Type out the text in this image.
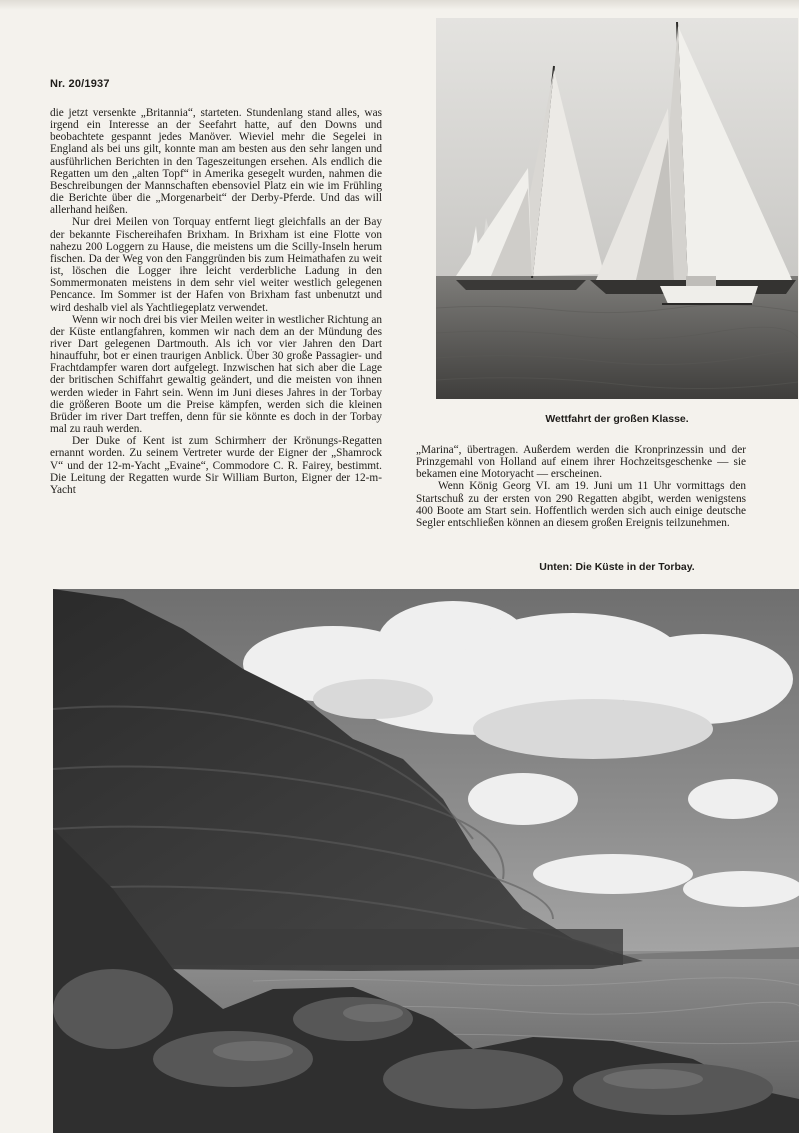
Nr. 20/1937

die jetzt versenkte „Britannia“, starteten. Stundenlang stand alles, was irgend ein Interesse an der Seefahrt hatte, auf den Downs und beobachtete gespannt jedes Manöver. Wieviel mehr die Segelei in England als bei uns gilt, konnte man am besten aus den sehr langen und ausführlichen Berichten in den Tageszeitungen ersehen. Als endlich die Regatten um den „alten Topf“ in Amerika gesegelt wurden, nahmen die Beschreibungen der Mannschaften ebensoviel Platz ein wie im Frühling die Berichte über die „Morgenarbeit“ der Derby-Pferde. Und das will allerhand heißen.

Nur drei Meilen von Torquay entfernt liegt gleichfalls an der Bay der bekannte Fischereihafen Brixham. In Brixham ist eine Flotte von nahezu 200 Loggern zu Hause, die meistens um die Scilly-Inseln herum fischen. Da der Weg von den Fanggründen bis zum Heimathafen zu weit ist, löschen die Logger ihre leicht verderbliche Ladung in den Sommermonaten meistens in dem sehr viel weiter westlich gelegenen Pencance. Im Sommer ist der Hafen von Brixham fast unbenutzt und wird deshalb viel als Yachtliegeplatz verwendet.

Wenn wir noch drei bis vier Meilen weiter in westlicher Richtung an der Küste entlangfahren, kommen wir nach dem an der Mündung des river Dart gelegenen Dartmouth. Als ich vor vier Jahren den Dart hinauffuhr, bot er einen traurigen Anblick. Über 30 große Passagier- und Frachtdampfer waren dort aufgelegt. Inzwischen hat sich aber die Lage der britischen Schiffahrt gewaltig geändert, und die meisten von ihnen werden wieder in Fahrt sein. Wenn im Juni dieses Jahres in der Torbay die größeren Boote um die Preise kämpfen, werden sich die kleinen Brüder im river Dart treffen, denn für sie könnte es doch in der Torbay mal zu rauh werden.

Der Duke of Kent ist zum Schirmherr der Krönungs-Regatten ernannt worden. Zu seinem Vertreter wurde der Eigner der „Shamrock V“ und der 12-m-Yacht „Evaine“, Commodore C. R. Fairey, bestimmt. Die Leitung der Regatten wurde Sir William Burton, Eigner der 12-m-Yacht

Wettfahrt der großen Klasse.

„Marina“, übertragen. Außerdem werden die Kronprinzessin und der Prinzgemahl von Holland auf einem ihrer Hochzeitsgeschenke — sie bekamen eine Motoryacht — erscheinen.

Wenn König Georg VI. am 19. Juni um 11 Uhr vormittags den Startschuß zu der ersten von 290 Regatten abgibt, werden wenigstens 400 Boote am Start sein. Hoffentlich werden sich auch einige deutsche Segler entschließen können an diesem großen Ereignis teilzunehmen.

Unten: Die Küste in der Torbay.
